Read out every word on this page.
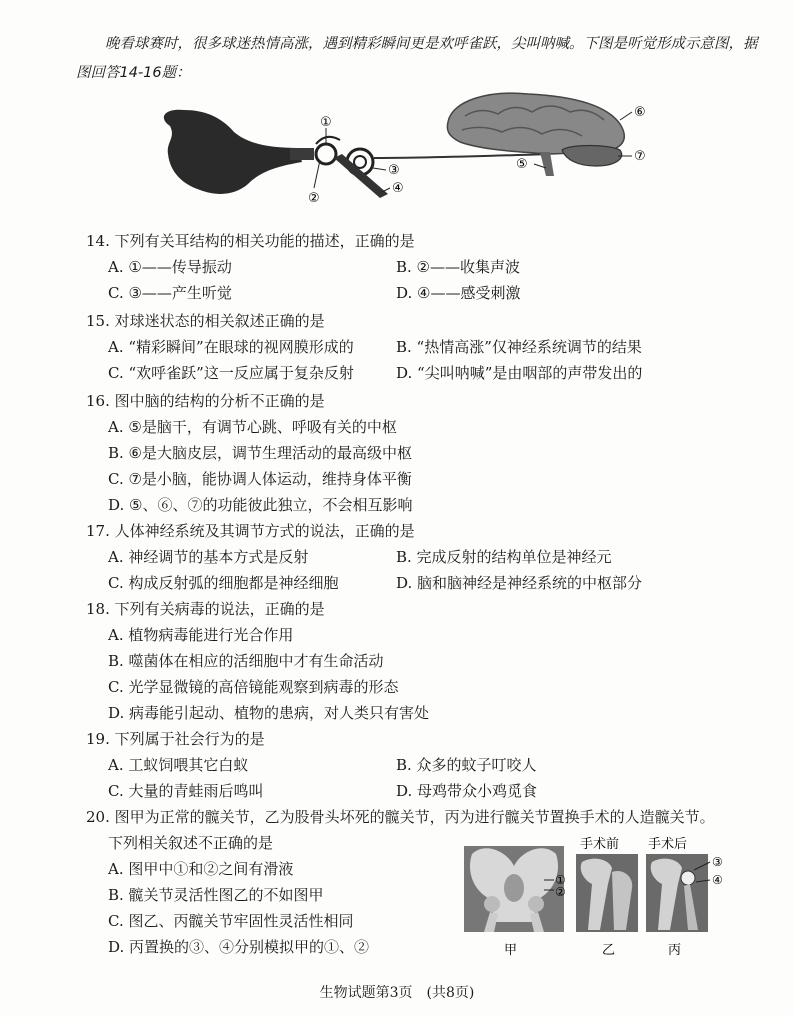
晚看球赛时，很多球迷热情高涨，遇到精彩瞬间更是欢呼雀跃，尖叫呐喊。下图是听觉形成示意图，据图回答14-16题：
①
②
③
④
⑤
⑥
⑦
14. 下列有关耳结构的相关功能的描述，正确的是
A. ①——传导振动	B. ②——收集声波
C. ③——产生听觉	D. ④——感受刺激
15. 对球迷状态的相关叙述正确的是
A. “精彩瞬间”在眼球的视网膜形成的	B. “热情高涨”仅神经系统调节的结果
C. “欢呼雀跃”这一反应属于复杂反射	D. “尖叫呐喊”是由咽部的声带发出的
16. 图中脑的结构的分析不正确的是
A. ⑤是脑干，有调节心跳、呼吸有关的中枢
B. ⑥是大脑皮层，调节生理活动的最高级中枢
C. ⑦是小脑，能协调人体运动，维持身体平衡
D. ⑤、⑥、⑦的功能彼此独立，不会相互影响
17. 人体神经系统及其调节方式的说法，正确的是
A. 神经调节的基本方式是反射	B. 完成反射的结构单位是神经元
C. 构成反射弧的细胞都是神经细胞	D. 脑和脑神经是神经系统的中枢部分
18. 下列有关病毒的说法，正确的是
A. 植物病毒能进行光合作用
B. 噬菌体在相应的活细胞中才有生命活动
C. 光学显微镜的高倍镜能观察到病毒的形态
D. 病毒能引起动、植物的患病，对人类只有害处
19. 下列属于社会行为的是
A. 工蚁饲喂其它白蚁	B. 众多的蚊子叮咬人
C. 大量的青蛙雨后鸣叫	D. 母鸡带众小鸡觅食
20. 图甲为正常的髋关节，乙为股骨头坏死的髋关节，丙为进行髋关节置换手术的人造髋关节。
下列相关叙述不正确的是
A. 图甲中①和②之间有滑液
B. 髋关节灵活性图乙的不如图甲
C. 图乙、丙髋关节牢固性灵活性相同
D. 丙置换的③、④分别模拟甲的①、②
①
②
手术前 手术后
③
④
甲	乙	丙
生物试题第3页　(共8页)
